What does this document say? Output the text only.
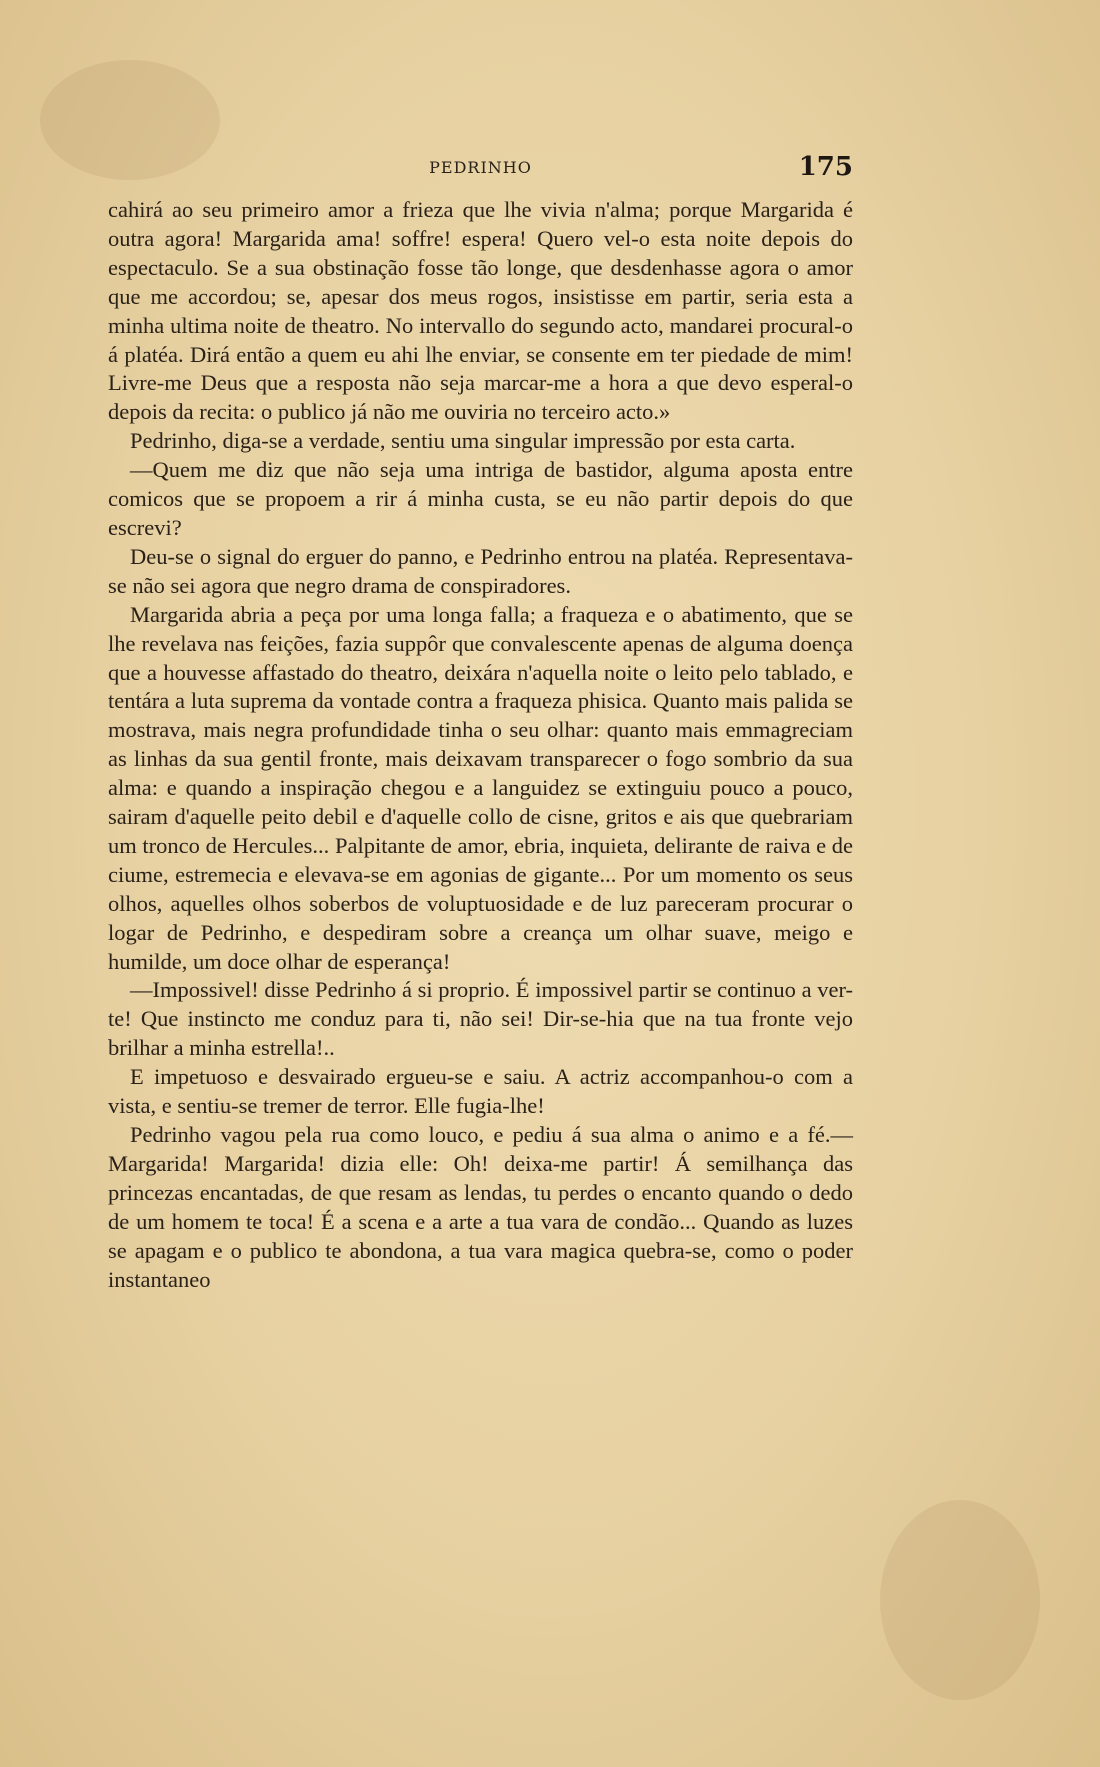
PEDRINHO	175

cahirá ao seu primeiro amor a frieza que lhe vivia n'alma; porque Margarida é outra agora! Margarida ama! soffre! espera! Quero vel-o esta noite depois do espectaculo. Se a sua obstinação fosse tão longe, que desdenhasse agora o amor que me accordou; se, apesar dos meus rogos, insistisse em partir, seria esta a minha ultima noite de theatro. No intervallo do segundo acto, mandarei procural-o á platéa. Dirá então a quem eu ahi lhe enviar, se consente em ter piedade de mim! Livre-me Deus que a resposta não seja marcar-me a hora a que devo esperal-o depois da recita: o publico já não me ouviria no terceiro acto.»

Pedrinho, diga-se a verdade, sentiu uma singular impressão por esta carta.

—Quem me diz que não seja uma intriga de bastidor, alguma aposta entre comicos que se propoem a rir á minha custa, se eu não partir depois do que escrevi?

Deu-se o signal do erguer do panno, e Pedrinho entrou na platéa. Representava-se não sei agora que negro drama de conspiradores.

Margarida abria a peça por uma longa falla; a fraqueza e o abatimento, que se lhe revelava nas feições, fazia suppôr que convalescente apenas de alguma doença que a houvesse affastado do theatro, deixára n'aquella noite o leito pelo tablado, e tentára a luta suprema da vontade contra a fraqueza phisica. Quanto mais palida se mostrava, mais negra profundidade tinha o seu olhar: quanto mais emmagreciam as linhas da sua gentil fronte, mais deixavam transparecer o fogo sombrio da sua alma: e quando a inspiração chegou e a languidez se extinguiu pouco a pouco, sairam d'aquelle peito debil e d'aquelle collo de cisne, gritos e ais que quebrariam um tronco de Hercules... Palpitante de amor, ebria, inquieta, delirante de raiva e de ciume, estremecia e elevava-se em agonias de gigante... Por um momento os seus olhos, aquelles olhos soberbos de voluptuosidade e de luz pareceram procurar o logar de Pedrinho, e despediram sobre a creança um olhar suave, meigo e humilde, um doce olhar de esperança!

—Impossivel! disse Pedrinho á si proprio. É impossivel partir se continuo a ver-te! Que instincto me conduz para ti, não sei! Dir-se-hia que na tua fronte vejo brilhar a minha estrella!..

E impetuoso e desvairado ergueu-se e saiu. A actriz accompanhou-o com a vista, e sentiu-se tremer de terror. Elle fugia-lhe!

Pedrinho vagou pela rua como louco, e pediu á sua alma o animo e a fé.—Margarida! Margarida! dizia elle: Oh! deixa-me partir! Á semilhança das princezas encantadas, de que resam as lendas, tu perdes o encanto quando o dedo de um homem te toca! É a scena e a arte a tua vara de condão... Quando as luzes se apagam e o publico te abondona, a tua vara magica quebra-se, como o poder instantaneo
